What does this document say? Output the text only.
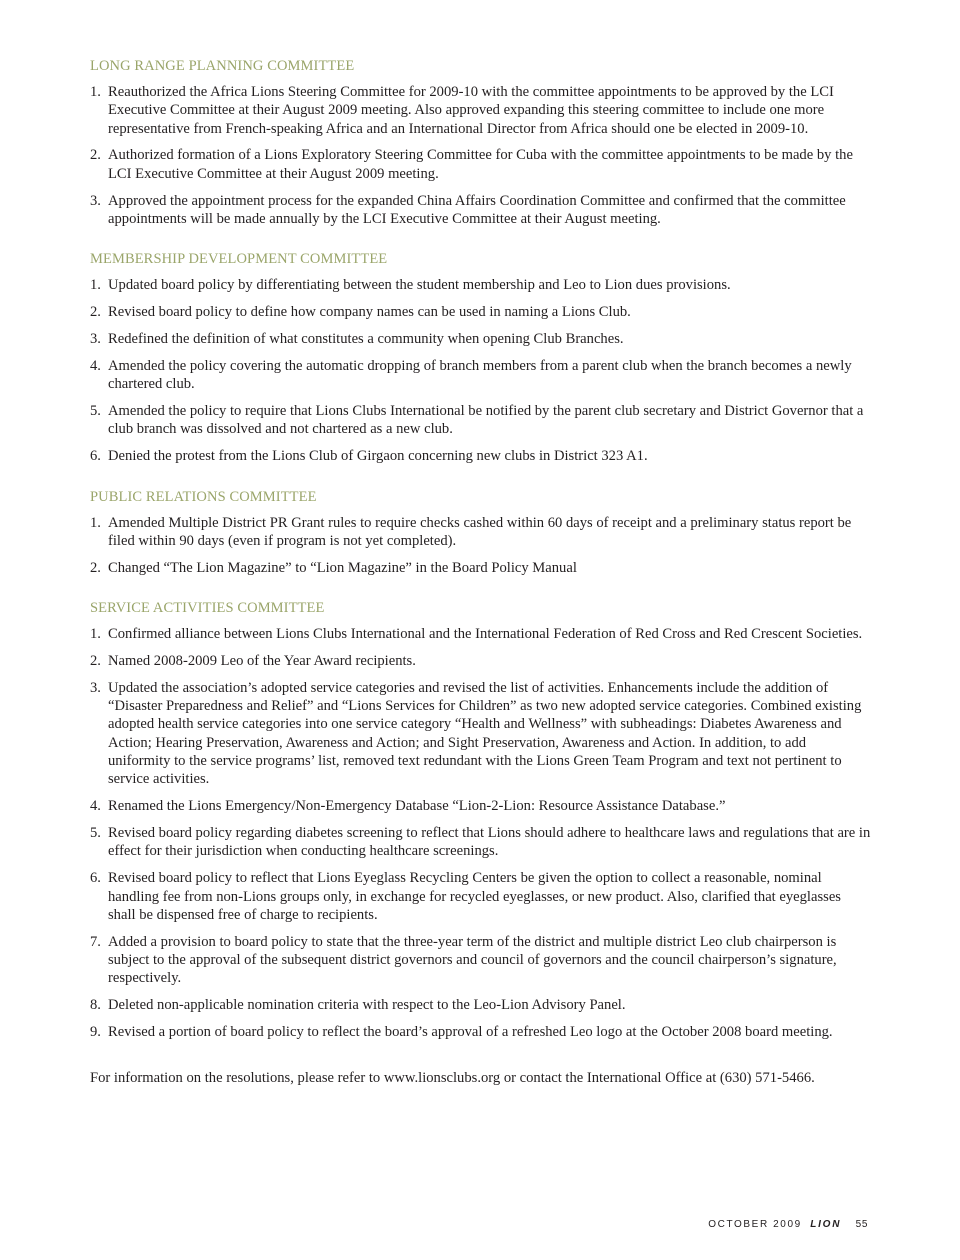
LONG RANGE PLANNING COMMITTEE
1. Reauthorized the Africa Lions Steering Committee for 2009-10 with the committee appointments to be approved by the LCI Executive Committee at their August 2009 meeting. Also approved expanding this steering committee to include one more representative from French-speaking Africa and an International Director from Africa should one be elected in 2009-10.
2. Authorized formation of a Lions Exploratory Steering Committee for Cuba with the committee appointments to be made by the LCI Executive Committee at their August 2009 meeting.
3. Approved the appointment process for the expanded China Affairs Coordination Committee and confirmed that the committee appointments will be made annually by the LCI Executive Committee at their August meeting.
MEMBERSHIP DEVELOPMENT COMMITTEE
1. Updated board policy by differentiating between the student membership and Leo to Lion dues provisions.
2. Revised board policy to define how company names can be used in naming a Lions Club.
3. Redefined the definition of what constitutes a community when opening Club Branches.
4. Amended the policy covering the automatic dropping of branch members from a parent club when the branch becomes a newly chartered club.
5. Amended the policy to require that Lions Clubs International be notified by the parent club secretary and District Governor that a club branch was dissolved and not chartered as a new club.
6. Denied the protest from the Lions Club of Girgaon concerning new clubs in District 323 A1.
PUBLIC RELATIONS COMMITTEE
1. Amended Multiple District PR Grant rules to require checks cashed within 60 days of receipt and a preliminary status report be filed within 90 days (even if program is not yet completed).
2. Changed “The Lion Magazine” to “Lion Magazine” in the Board Policy Manual
SERVICE ACTIVITIES COMMITTEE
1. Confirmed alliance between Lions Clubs International and the International Federation of Red Cross and Red Crescent Societies.
2. Named 2008-2009 Leo of the Year Award recipients.
3. Updated the association’s adopted service categories and revised the list of activities. Enhancements include the addition of “Disaster Preparedness and Relief” and “Lions Services for Children” as two new adopted service categories. Combined existing adopted health service categories into one service category “Health and Wellness” with subheadings: Diabetes Awareness and Action; Hearing Preservation, Awareness and Action; and Sight Preservation, Awareness and Action. In addition, to add uniformity to the service programs’ list, removed text redundant with the Lions Green Team Program and text not pertinent to service activities.
4. Renamed the Lions Emergency/Non-Emergency Database “Lion-2-Lion: Resource Assistance Database.”
5. Revised board policy regarding diabetes screening to reflect that Lions should adhere to healthcare laws and regulations that are in effect for their jurisdiction when conducting healthcare screenings.
6. Revised board policy to reflect that Lions Eyeglass Recycling Centers be given the option to collect a reasonable, nominal handling fee from non-Lions groups only, in exchange for recycled eyeglasses, or new product. Also, clarified that eyeglasses shall be dispensed free of charge to recipients.
7. Added a provision to board policy to state that the three-year term of the district and multiple district Leo club chairperson is subject to the approval of the subsequent district governors and council of governors and the council chairperson’s signature, respectively.
8. Deleted non-applicable nomination criteria with respect to the Leo-Lion Advisory Panel.
9. Revised a portion of board policy to reflect the board’s approval of a refreshed Leo logo at the October 2008 board meeting.

For information on the resolutions, please refer to www.lionsclubs.org or contact the International Office at (630) 571-5466.

OCTOBER 2009 LION 55
